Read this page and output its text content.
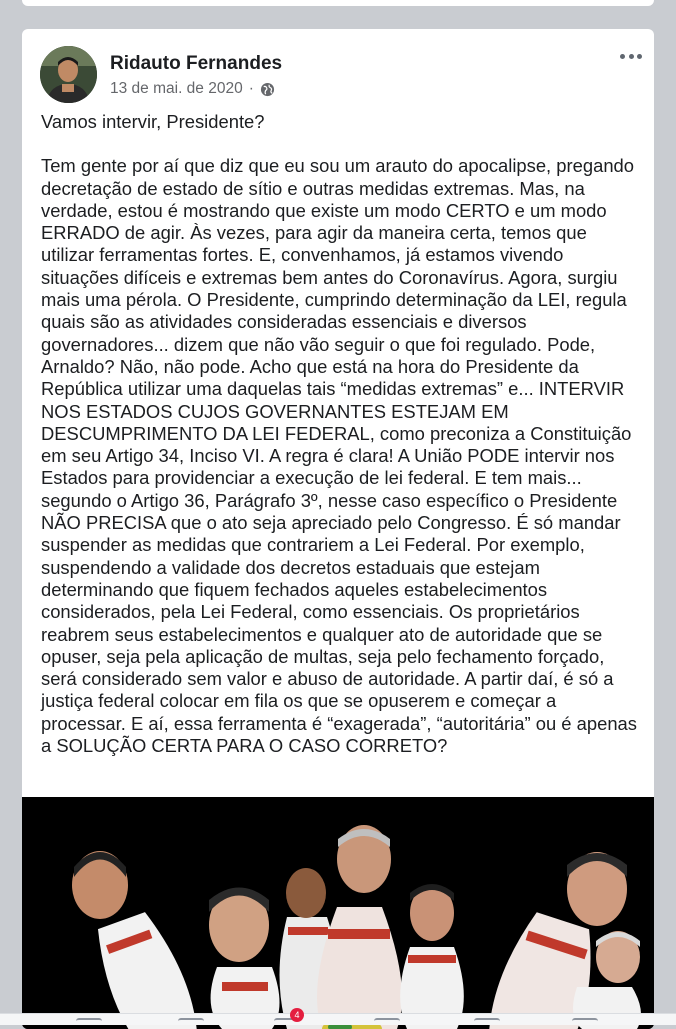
Ridauto Fernandes
13 de mai. de 2020 ·

Vamos intervir, Presidente?

Tem gente por aí que diz que eu sou um arauto do apocalipse, pregando decretação de estado de sítio e outras medidas extremas. Mas, na verdade, estou é mostrando que existe um modo CERTO e um modo ERRADO de agir. Às vezes, para agir da maneira certa, temos que utilizar ferramentas fortes. E, convenhamos, já estamos vivendo situações difíceis e extremas bem antes do Coronavírus. Agora, surgiu mais uma pérola. O Presidente, cumprindo determinação da LEI, regula quais são as atividades consideradas essenciais e diversos governadores... dizem que não vão seguir o que foi regulado. Pode, Arnaldo? Não, não pode. Acho que está na hora do Presidente da República utilizar uma daquelas tais “medidas extremas” e... INTERVIR NOS ESTADOS CUJOS GOVERNANTES ESTEJAM EM DESCUMPRIMENTO DA LEI FEDERAL, como preconiza a Constituição em seu Artigo 34, Inciso VI. A regra é clara! A União PODE intervir nos Estados para providenciar a execução de lei federal. E tem mais... segundo o Artigo 36, Parágrafo 3º, nesse caso específico o Presidente NÃO PRECISA que o ato seja apreciado pelo Congresso. É só mandar suspender as medidas que contrariem a Lei Federal. Por exemplo, suspendendo a validade dos decretos estaduais que estejam determinando que fiquem fechados aqueles estabelecimentos considerados, pela Lei Federal, como essenciais. Os proprietários reabrem seus estabelecimentos e qualquer ato de autoridade que se opuser, seja pela aplicação de multas, seja pelo fechamento forçado, será considerado sem valor e abuso de autoridade. A partir daí, é só a justiça federal colocar em fila os que se opuserem e começar a processar. E aí, essa ferramenta é “exagerada”, “autoritária” ou é apenas a SOLUÇÃO CERTA PARA O CASO CORRETO?

4
